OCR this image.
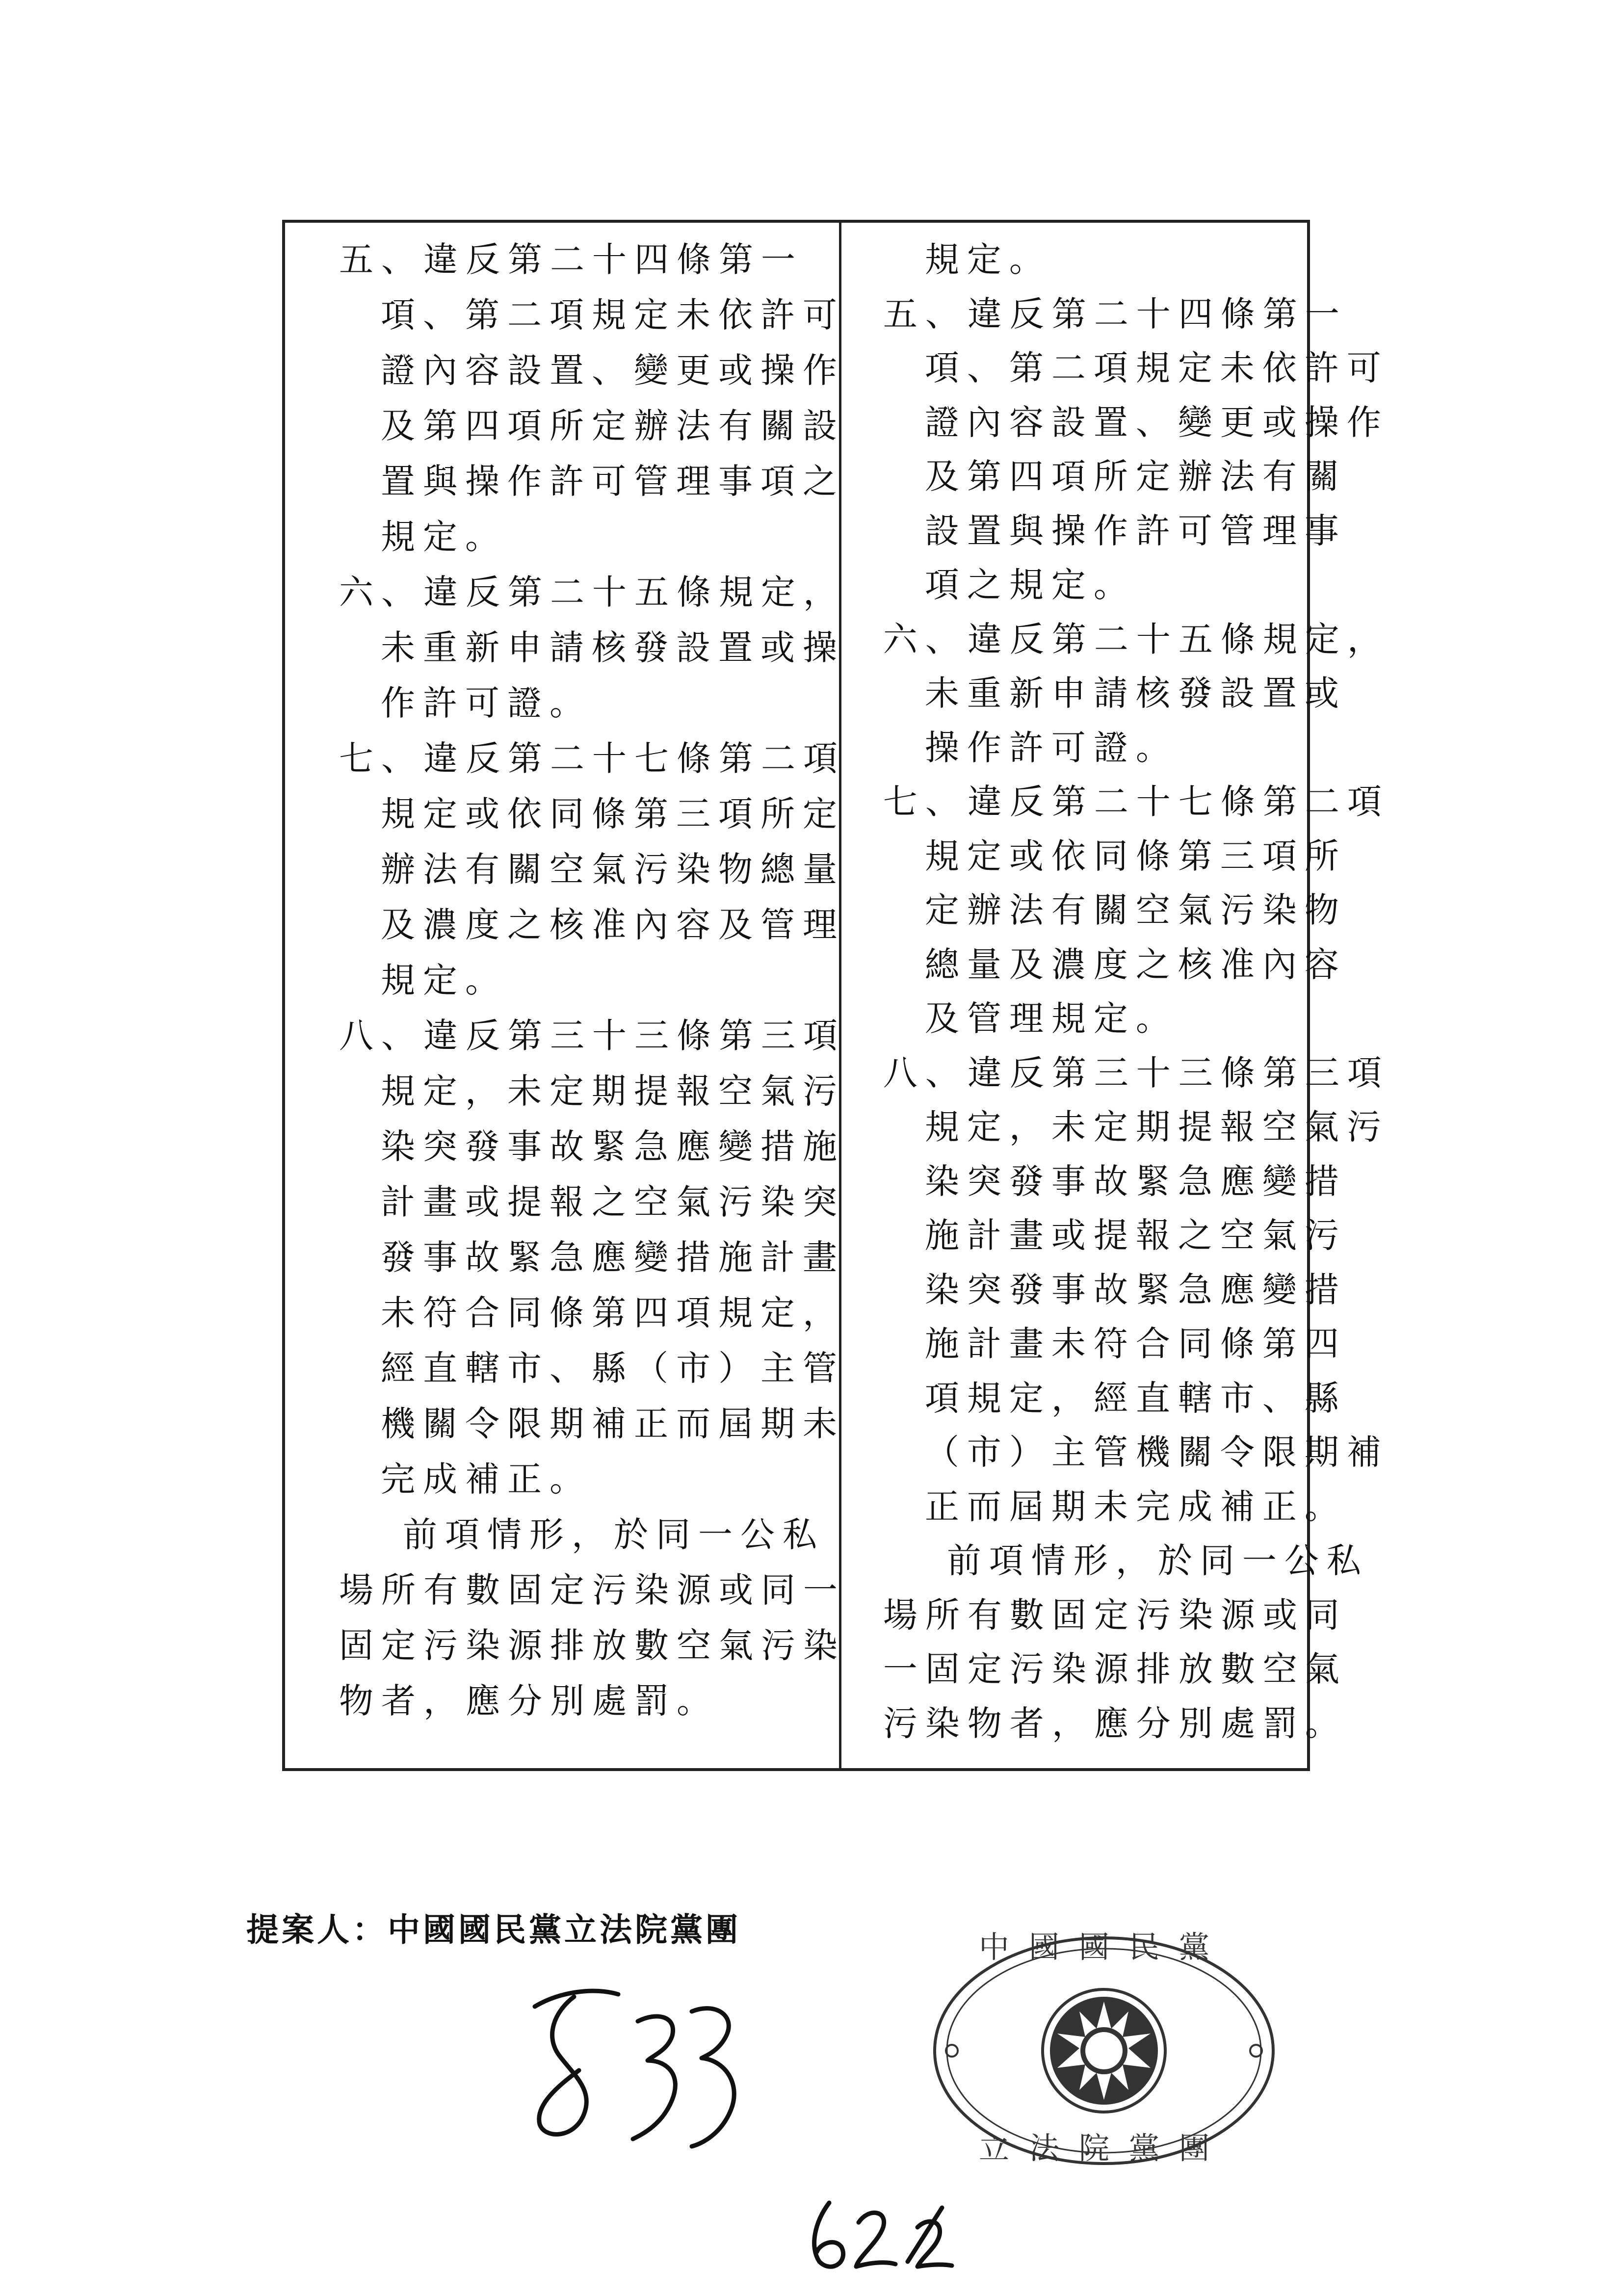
五、違反第二十四條第一
項、第二項規定未依許可
證內容設置、變更或操作
及第四項所定辦法有關設
置與操作許可管理事項之
規定。
六、違反第二十五條規定，
未重新申請核發設置或操
作許可證。
七、違反第二十七條第二項
規定或依同條第三項所定
辦法有關空氣污染物總量
及濃度之核准內容及管理
規定。
八、違反第三十三條第三項
規定，未定期提報空氣污
染突發事故緊急應變措施
計畫或提報之空氣污染突
發事故緊急應變措施計畫
未符合同條第四項規定，
經直轄市、縣（市）主管
機關令限期補正而屆期未
完成補正。
前項情形，於同一公私
場所有數固定污染源或同一
固定污染源排放數空氣污染
物者，應分別處罰。
規定。
五、違反第二十四條第一
項、第二項規定未依許可
證內容設置、變更或操作
及第四項所定辦法有關
設置與操作許可管理事
項之規定。
六、違反第二十五條規定，
未重新申請核發設置或
操作許可證。
七、違反第二十七條第二項
規定或依同條第三項所
定辦法有關空氣污染物
總量及濃度之核准內容
及管理規定。
八、違反第三十三條第三項
規定，未定期提報空氣污
染突發事故緊急應變措
施計畫或提報之空氣污
染突發事故緊急應變措
施計畫未符合同條第四
項規定，經直轄市、縣
（市）主管機關令限期補
正而屆期未完成補正。
前項情形，於同一公私
場所有數固定污染源或同
一固定污染源排放數空氣
污染物者，應分別處罰。
提案人：中國國民黨立法院黨團	中國國民黨
立法院黨團
